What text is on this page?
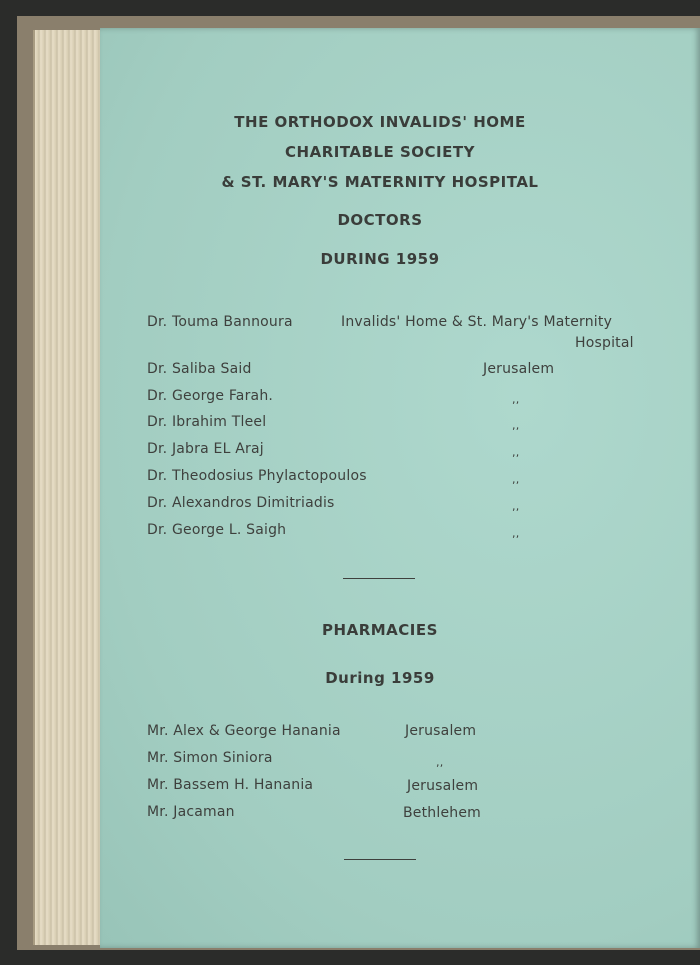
THE ORTHODOX INVALIDS' HOME
CHARITABLE SOCIETY
& ST. MARY'S MATERNITY HOSPITAL
DOCTORS
DURING 1959
Dr. Touma Bannoura	Invalids' Home & St. Mary's Maternity
Hospital
Dr. Saliba Said	Jerusalem
Dr. George Farah.	,,
Dr. Ibrahim Tleel	,,
Dr. Jabra EL Araj	,,
Dr. Theodosius Phylactopoulos	,,
Dr. Alexandros Dimitriadis	,,
Dr. George L. Saigh	,,
PHARMACIES
During 1959
Mr. Alex & George Hanania	Jerusalem
Mr. Simon Siniora	,,
Mr. Bassem H. Hanania	Jerusalem
Mr. Jacaman	Bethlehem
